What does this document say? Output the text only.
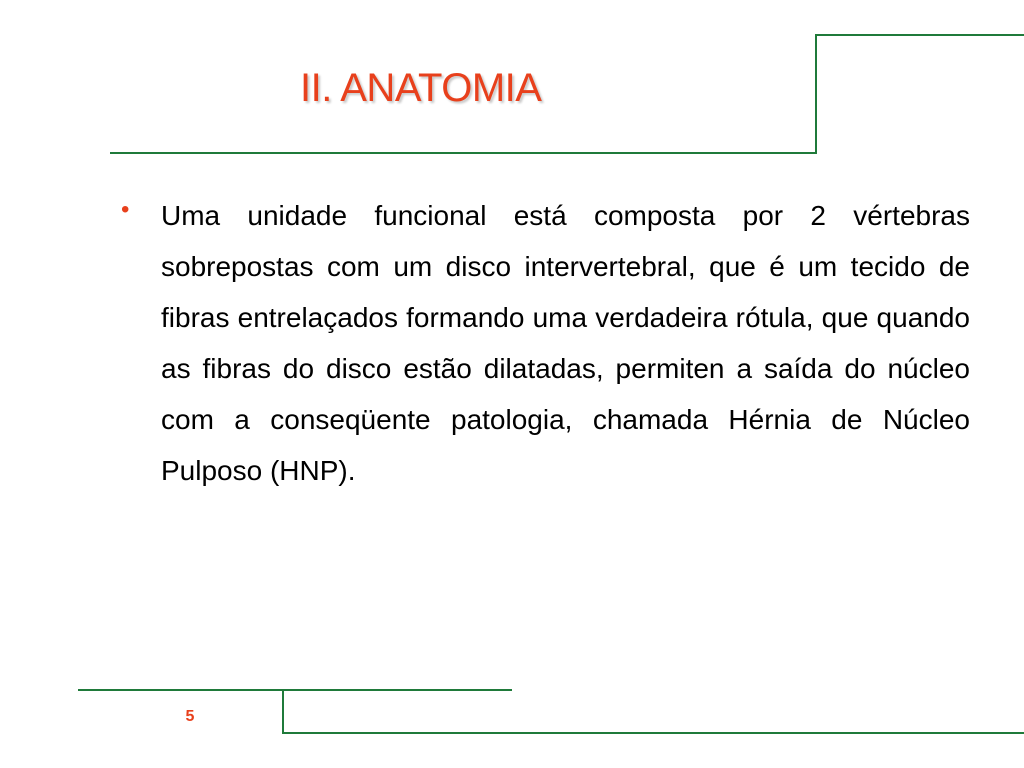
II. ANATOMIA
• Uma unidade funcional está composta por 2 vértebras sobrepostas com um disco intervertebral, que é um tecido de fibras entrelaçados formando uma verdadeira rótula, que quando as fibras do disco estão dilatadas, permiten a saída do núcleo com a conseqüente patologia, chamada Hérnia de Núcleo Pulposo (HNP).

5
